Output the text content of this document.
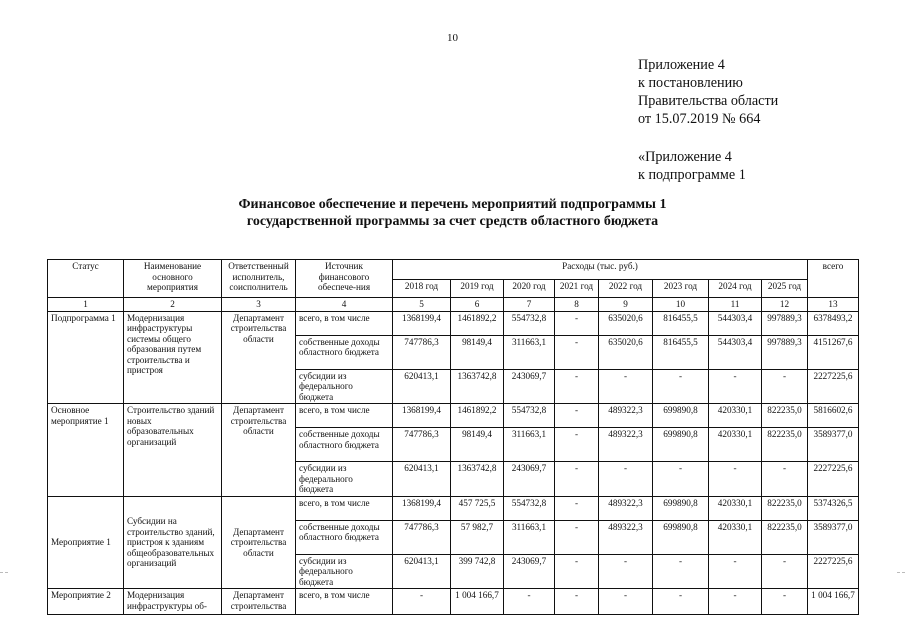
10
Приложение 4
к постановлению
Правительства области
от 15.07.2019 № 664
«Приложение 4
к подпрограмме 1
Финансовое обеспечение и перечень мероприятий подпрограммы 1
государственной программы за счет средств областного бюджета
Статус	Наименование основного мероприятия	Ответственный исполнитель, соисполнитель	Источник финансового обеспече-ния	Расходы (тыс. руб.)								всего
				2018 год	2019 год	2020 год	2021 год	2022 год	2023 год	2024 год	2025 год	
1	2	3	4	5	6	7	8	9	10	11	12	13
Подпрограмма 1	Модернизация инфраструктуры системы общего образования путем строительства и пристроя	Департамент строительства области	всего, в том числе	1368199,4	1461892,2	554732,8	-	635020,6	816455,5	544303,4	997889,3	6378493,2
			собственные доходы областного бюджета	747786,3	98149,4	311663,1	-	635020,6	816455,5	544303,4	997889,3	4151267,6
			субсидии из федерального бюджета	620413,1	1363742,8	243069,7	-	-	-	-	-	2227225,6
Основное мероприятие 1	Строительство зданий новых образовательных организаций	Департамент строительства области	всего, в том числе	1368199,4	1461892,2	554732,8	-	489322,3	699890,8	420330,1	822235,0	5816602,6
			собственные доходы областного бюджета	747786,3	98149,4	311663,1	-	489322,3	699890,8	420330,1	822235,0	3589377,0
			субсидии из федерального бюджета	620413,1	1363742,8	243069,7	-	-	-	-	-	2227225,6
Мероприятие 1	Субсидии на строительство зданий, пристроя к зданиям общеобразовательных организаций	Департамент строительства области	всего, в том числе	1368199,4	457 725,5	554732,8	-	489322,3	699890,8	420330,1	822235,0	5374326,5
			собственные доходы областного бюджета	747786,3	57 982,7	311663,1	-	489322,3	699890,8	420330,1	822235,0	3589377,0
			субсидии из федерального бюджета	620413,1	399 742,8	243069,7	-	-	-	-	-	2227225,6
Мероприятие 2	Модернизация инфраструктуры об-	Департамент строительства	всего, в том числе	-	1 004 166,7	-	-	-	-	-	-	1 004 166,7
